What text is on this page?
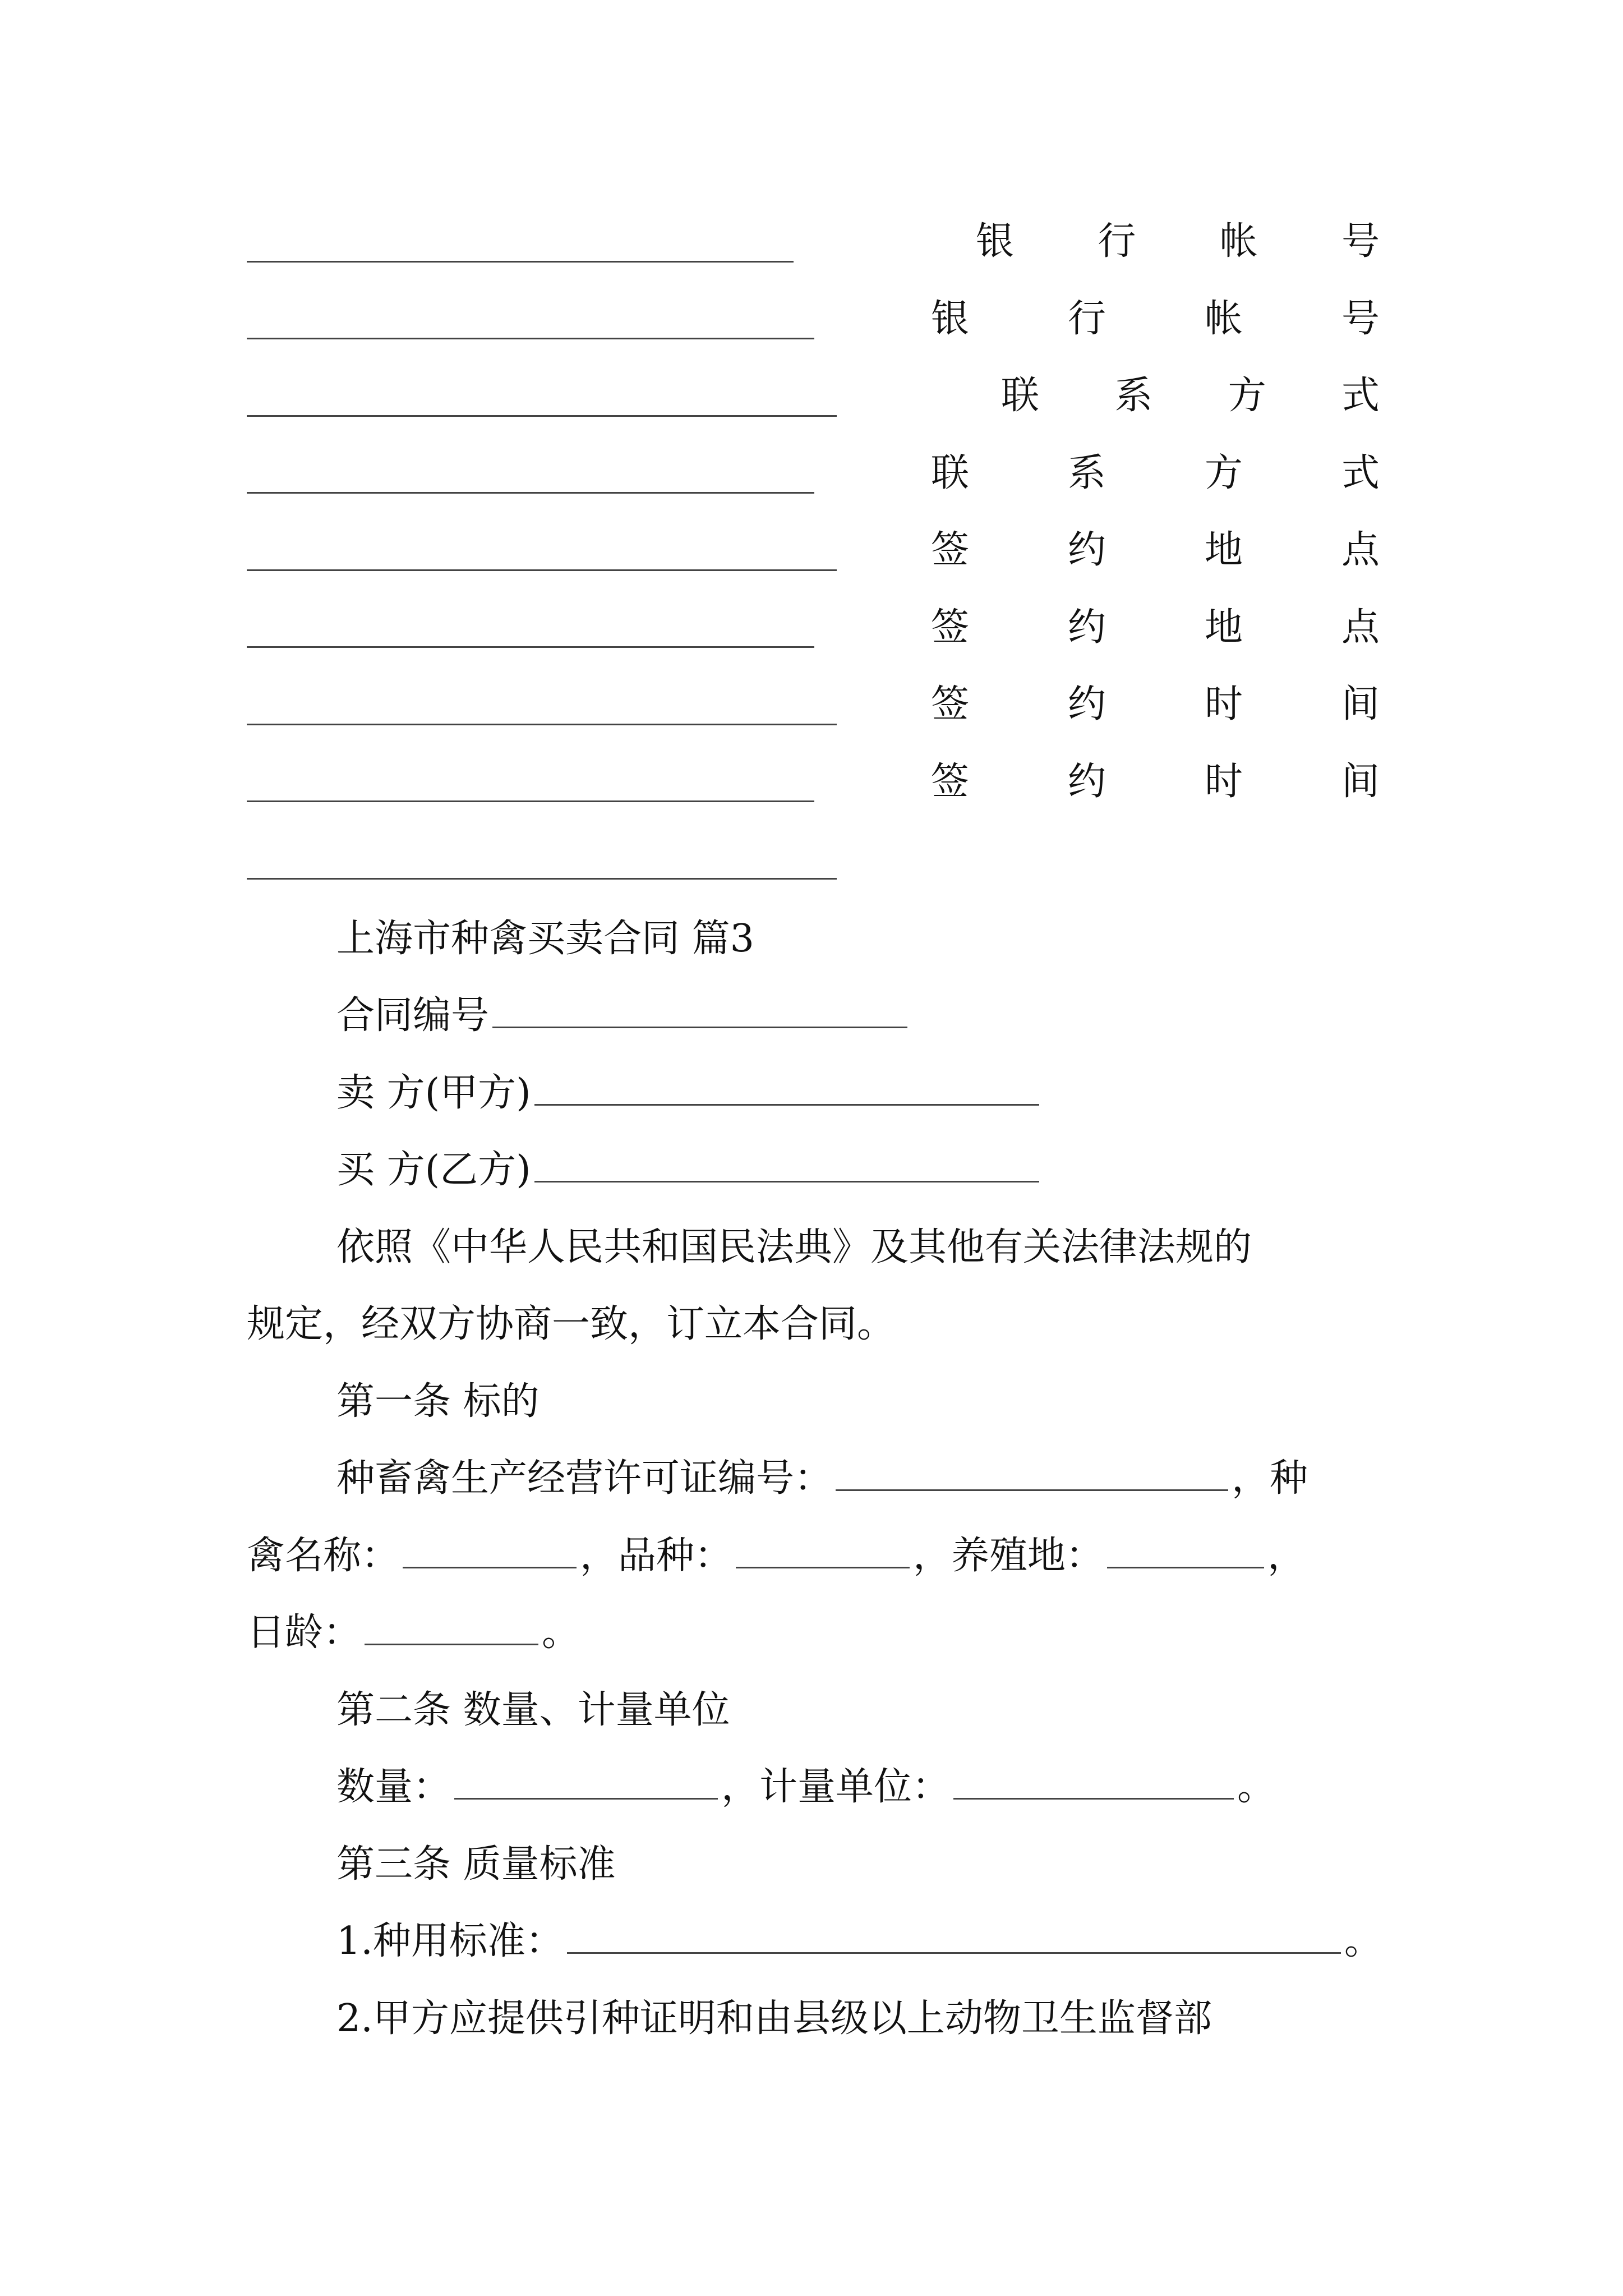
银 行 帐 号
银	行	帐	号
联 系 方 式
联	系	方	式
签	约	地	点
签	约	地	点
签	约	时	间
签	约	时	间
上海市种禽买卖合同 篇3
合同编号
卖 方(甲方)
买 方(乙方)
依照《中华人民共和国民法典》及其他有关法律法规的
规定，经双方协商一致，订立本合同。
第一条 标的
种畜禽生产经营许可证编号：	，种
禽名称：	，品种：	，养殖地：	，
日龄：	。
第二条 数量、计量单位
数量：	，计量单位：	。
第三条 质量标准
1.种用标准：	。
2.甲方应提供引种证明和由县级以上动物卫生监督部
